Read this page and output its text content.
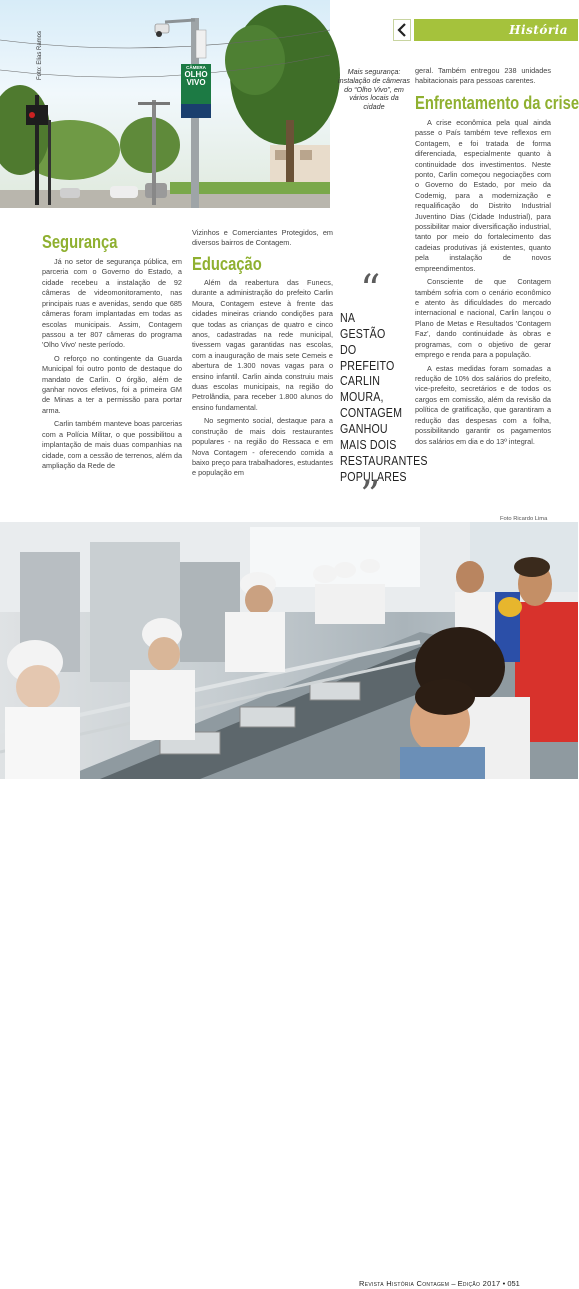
CÂMERA
OLHO
VIVO
Foto: Elias Ramos
História
Mais segurança: instalação de câmeras do “Olho Vivo”, em vários locais da cidade
Segurança

Já no setor de segurança pública, em parceria com o Governo do Estado, a cidade recebeu a instalação de 92 câmeras de videomonitoramento, nas principais ruas e avenidas, sendo que 685 câmeras foram implantadas em todas as escolas municipais. Assim, Contagem passou a ter 807 câmeras do programa 'Olho Vivo' neste período.

O reforço no contingente da Guarda Municipal foi outro ponto de destaque do mandato de Carlin. O órgão, além de ganhar novos efetivos, foi a primeira GM de Minas a ter a permissão para portar arma.

Carlin também manteve boas parcerias com a Polícia Militar, o que possibilitou a implantação de mais duas companhias na cidade, com a cessão de terrenos, além da ampliação da Rede de

Vizinhos e Comerciantes Protegidos, em diversos bairros de Contagem.

Educação

Além da reabertura das Funecs, durante a administração do prefeito Carlin Moura, Contagem esteve à frente das cidades mineiras criando condições para que todas as crianças de quatro e cinco anos, cadastradas na rede municipal, tivessem vagas garantidas nas escolas, com a inauguração de mais sete Cemeis e abertura de 1.300 novas vagas para o ensino infantil. Carlin ainda construiu mais duas escolas municipais, na região do Petrolândia, para receber 1.800 alunos do ensino fundamental.

No segmento social, destaque para a construção de mais dois restaurantes populares - na região do Ressaca e em Nova Contagem - oferecendo comida a baixo preço para trabalhadores, estudantes e população em

“
NA GESTÃO DO PREFEITO CARLIN MOURA, CONTAGEM GANHOU MAIS DOIS RESTAURANTES POPULARES
”

geral. Também entregou 238 unidades habitacionais para pessoas carentes.

Enfrentamento da crise

A crise econômica pela qual ainda passe o País também teve reflexos em Contagem, e foi tratada de forma diferenciada, especialmente quanto à continuidade dos investimentos. Neste ponto, Carlin começou negociações com o Governo do Estado, por meio da Codemig, para a modernização e requalificação do Distrito Industrial Juventino Dias (Cidade Industrial), para possibilitar maior diversificação industrial, tanto por meio do fortalecimento das cadeias produtivas já existentes, quanto pela instalação de novos empreendimentos.

Consciente de que Contagem também sofria com o cenário econômico e atento às dificuldades do mercado internacional e nacional, Carlin lançou o Plano de Metas e Resultados 'Contagem Faz', dando continuidade às obras e programas, com o objetivo de gerar emprego e renda para a população.

A estas medidas foram somadas a redução de 10% dos salários do prefeito, vice-prefeito, secretários e de todos os cargos em comissão, além da revisão da política de gratificação, que garantiram a redução das despesas com a folha, possibilitando garantir os pagamentos dos salários em dia e do 13º integral.

Foto Ricardo Lima
Revista História Contagem – Edição 2017 • 051
